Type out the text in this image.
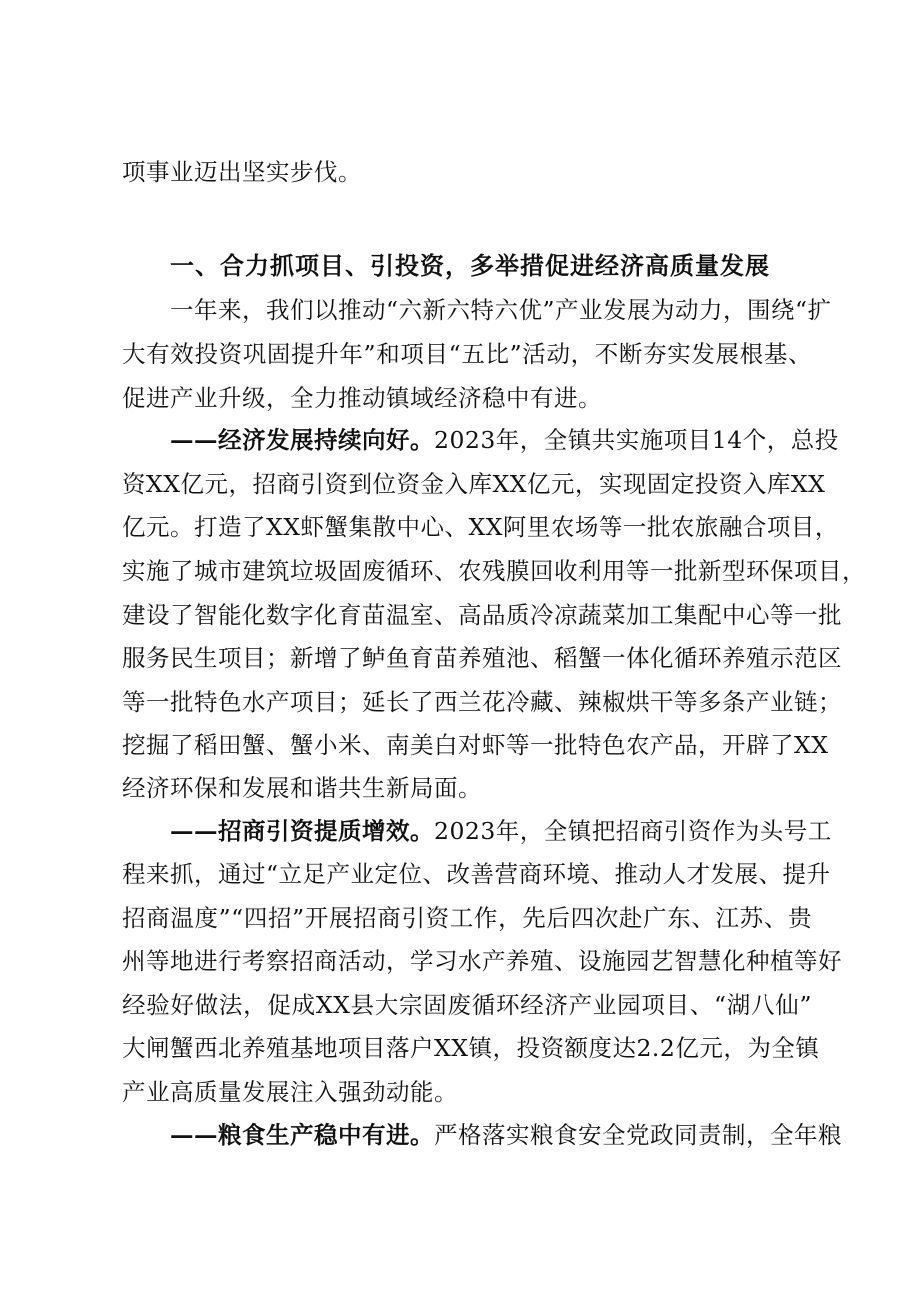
项事业迈出坚实步伐。
一、合力抓项目、引投资，多举措促进经济高质量发展
一年来，我们以推动“六新六特六优”产业发展为动力，围绕“扩
大有效投资巩固提升年”和项目“五比”活动，不断夯实发展根基、
促进产业升级，全力推动镇域经济稳中有进。
——经济发展持续向好。2023年，全镇共实施项目14个，总投
资XX亿元，招商引资到位资金入库XX亿元，实现固定投资入库XX
亿元。打造了XX虾蟹集散中心、XX阿里农场等一批农旅融合项目，
实施了城市建筑垃圾固废循环、农残膜回收利用等一批新型环保项目，
建设了智能化数字化育苗温室、高品质冷凉蔬菜加工集配中心等一批
服务民生项目；新增了鲈鱼育苗养殖池、稻蟹一体化循环养殖示范区
等一批特色水产项目；延长了西兰花冷藏、辣椒烘干等多条产业链；
挖掘了稻田蟹、蟹小米、南美白对虾等一批特色农产品，开辟了XX
经济环保和发展和谐共生新局面。
——招商引资提质增效。2023年，全镇把招商引资作为头号工
程来抓，通过“立足产业定位、改善营商环境、推动人才发展、提升
招商温度”“四招”开展招商引资工作，先后四次赴广东、江苏、贵
州等地进行考察招商活动，学习水产养殖、设施园艺智慧化种植等好
经验好做法，促成XX县大宗固废循环经济产业园项目、“湖八仙”
大闸蟹西北养殖基地项目落户XX镇，投资额度达2.2亿元，为全镇
产业高质量发展注入强劲动能。
——粮食生产稳中有进。严格落实粮食安全党政同责制，全年粮
